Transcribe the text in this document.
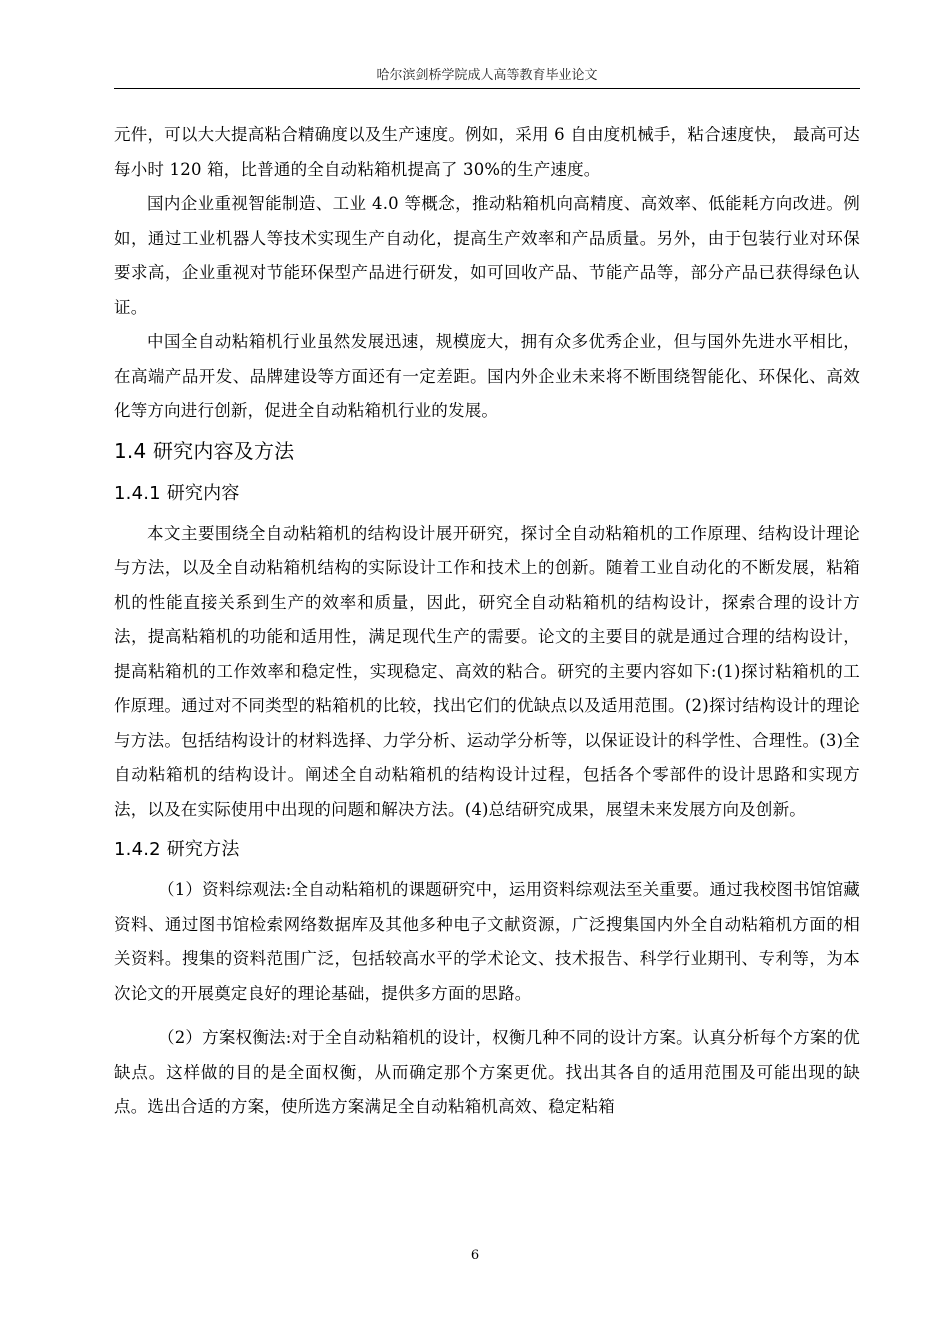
哈尔滨剑桥学院成人高等教育毕业论文

元件，可以大大提高粘合精确度以及生产速度。例如，采用 6 自由度机械手，粘合速度快， 最高可达每小时 120 箱，比普通的全自动粘箱机提高了 30%的生产速度。

国内企业重视智能制造、工业 4.0 等概念，推动粘箱机向高精度、高效率、低能耗方向改进。例如，通过工业机器人等技术实现生产自动化，提高生产效率和产品质量。另外，由于包装行业对环保要求高，企业重视对节能环保型产品进行研发，如可回收产品、节能产品等，部分产品已获得绿色认证。

中国全自动粘箱机行业虽然发展迅速，规模庞大，拥有众多优秀企业，但与国外先进水平相比，在高端产品开发、品牌建设等方面还有一定差距。国内外企业未来将不断围绕智能化、环保化、高效化等方向进行创新，促进全自动粘箱机行业的发展。

1.4 研究内容及方法
1.4.1 研究内容

本文主要围绕全自动粘箱机的结构设计展开研究，探讨全自动粘箱机的工作原理、结构设计理论与方法，以及全自动粘箱机结构的实际设计工作和技术上的创新。随着工业自动化的不断发展，粘箱机的性能直接关系到生产的效率和质量，因此，研究全自动粘箱机的结构设计，探索合理的设计方法，提高粘箱机的功能和适用性，满足现代生产的需要。论文的主要目的就是通过合理的结构设计，提高粘箱机的工作效率和稳定性，实现稳定、高效的粘合。研究的主要内容如下:(1)探讨粘箱机的工作原理。通过对不同类型的粘箱机的比较，找出它们的优缺点以及适用范围。(2)探讨结构设计的理论与方法。包括结构设计的材料选择、力学分析、运动学分析等，以保证设计的科学性、合理性。(3)全自动粘箱机的结构设计。阐述全自动粘箱机的结构设计过程，包括各个零部件的设计思路和实现方法，以及在实际使用中出现的问题和解决方法。(4)总结研究成果，展望未来发展方向及创新。

1.4.2 研究方法

（1）资料综观法:全自动粘箱机的课题研究中，运用资料综观法至关重要。通过我校图书馆馆藏资料、通过图书馆检索网络数据库及其他多种电子文献资源，广泛搜集国内外全自动粘箱机方面的相关资料。搜集的资料范围广泛，包括较高水平的学术论文、技术报告、科学行业期刊、专利等，为本次论文的开展奠定良好的理论基础，提供多方面的思路。

（2）方案权衡法:对于全自动粘箱机的设计，权衡几种不同的设计方案。认真分析每个方案的优缺点。这样做的目的是全面权衡，从而确定那个方案更优。找出其各自的适用范围及可能出现的缺点。选出合适的方案，使所选方案满足全自动粘箱机高效、稳定粘箱

6
